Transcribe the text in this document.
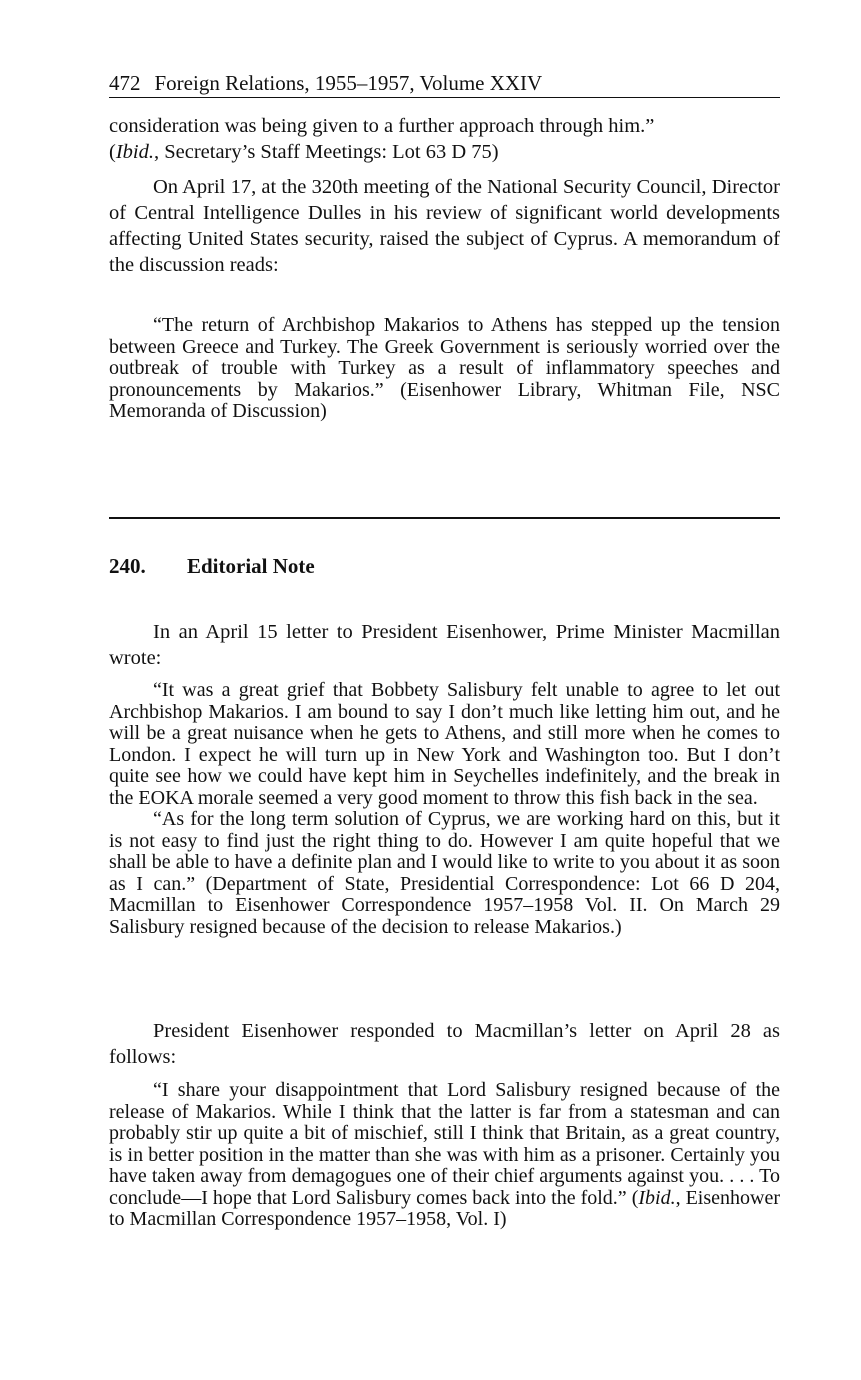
472 Foreign Relations, 1955–1957, Volume XXIV

consideration was being given to a further approach through him.”
(Ibid., Secretary’s Staff Meetings: Lot 63 D 75)

On April 17, at the 320th meeting of the National Security Council, Director of Central Intelligence Dulles in his review of significant world developments affecting United States security, raised the subject of Cyprus. A memorandum of the discussion reads:

“The return of Archbishop Makarios to Athens has stepped up the tension between Greece and Turkey. The Greek Government is seriously worried over the outbreak of trouble with Turkey as a result of inflammatory speeches and pronouncements by Makarios.” (Eisenhower Library, Whitman File, NSC Memoranda of Discussion)

240. Editorial Note

In an April 15 letter to President Eisenhower, Prime Minister Macmillan wrote:

“It was a great grief that Bobbety Salisbury felt unable to agree to let out Archbishop Makarios. I am bound to say I don’t much like letting him out, and he will be a great nuisance when he gets to Athens, and still more when he comes to London. I expect he will turn up in New York and Washington too. But I don’t quite see how we could have kept him in Seychelles indefinitely, and the break in the EOKA morale seemed a very good moment to throw this fish back in the sea.

“As for the long term solution of Cyprus, we are working hard on this, but it is not easy to find just the right thing to do. However I am quite hopeful that we shall be able to have a definite plan and I would like to write to you about it as soon as I can.” (Department of State, Presidential Correspondence: Lot 66 D 204, Macmillan to Eisenhower Correspondence 1957–1958 Vol. II. On March 29 Salisbury resigned because of the decision to release Makarios.)

President Eisenhower responded to Macmillan’s letter on April 28 as follows:

“I share your disappointment that Lord Salisbury resigned because of the release of Makarios. While I think that the latter is far from a statesman and can probably stir up quite a bit of mischief, still I think that Britain, as a great country, is in better position in the matter than she was with him as a prisoner. Certainly you have taken away from demagogues one of their chief arguments against you. . . . To conclude—I hope that Lord Salisbury comes back into the fold.” (Ibid., Eisenhower to Macmillan Correspondence 1957–1958, Vol. I)
